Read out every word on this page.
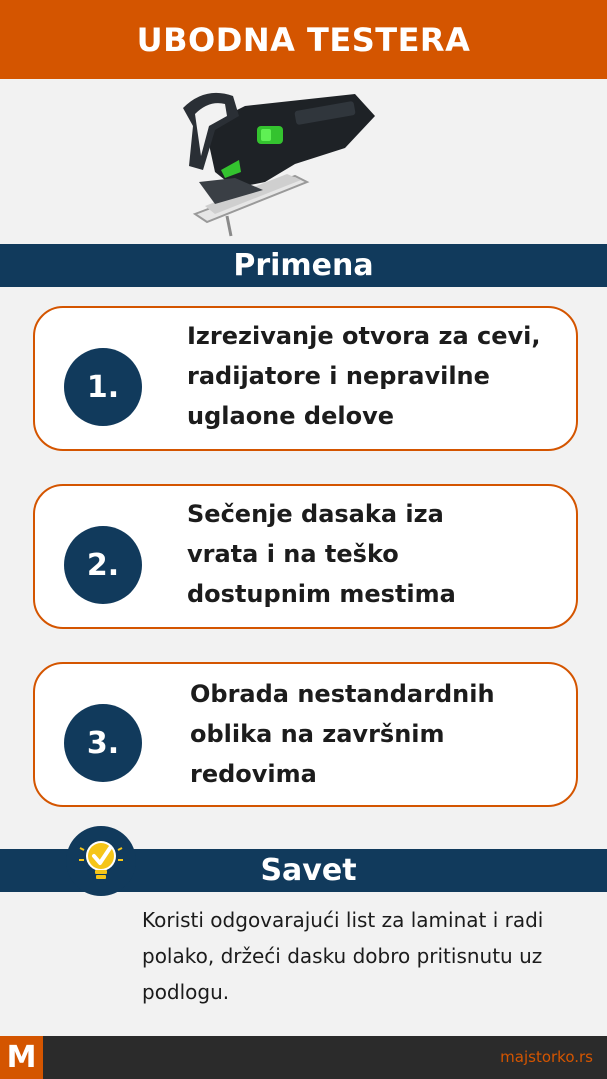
UBODNA TESTERA
Primena
1.
Izrezivanje otvora za cevi, radijatore i nepravilne uglaone delove
2.
Sečenje dasaka iza vrata i na teško dostupnim mestima
3.
Obrada nestandardnih oblika na završnim redovima
Savet
Koristi odgovarajući list za laminat i radi polako, držeći dasku dobro pritisnutu uz podlogu.
M	majstorko.rs
